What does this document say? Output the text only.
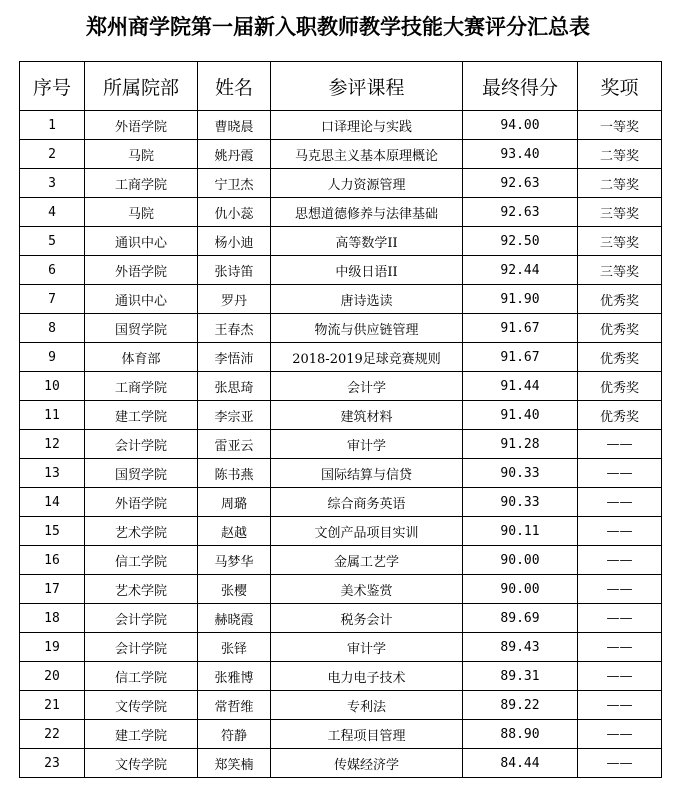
郑州商学院第一届新入职教师教学技能大赛评分汇总表
序号	所属院部	姓名	参评课程	最终得分	奖项
1	外语学院	曹晓晨	口译理论与实践	94.00	一等奖
2	马院	姚丹霞	马克思主义基本原理概论	93.40	二等奖
3	工商学院	宁卫杰	人力资源管理	92.63	二等奖
4	马院	仇小蕊	思想道德修养与法律基础	92.63	三等奖
5	通识中心	杨小迪	高等数学II	92.50	三等奖
6	外语学院	张诗笛	中级日语II	92.44	三等奖
7	通识中心	罗丹	唐诗选读	91.90	优秀奖
8	国贸学院	王春杰	物流与供应链管理	91.67	优秀奖
9	体育部	李悟沛	2018-2019足球竞赛规则	91.67	优秀奖
10	工商学院	张思琦	会计学	91.44	优秀奖
11	建工学院	李宗亚	建筑材料	91.40	优秀奖
12	会计学院	雷亚云	审计学	91.28	——
13	国贸学院	陈书燕	国际结算与信贷	90.33	——
14	外语学院	周璐	综合商务英语	90.33	——
15	艺术学院	赵越	文创产品项目实训	90.11	——
16	信工学院	马梦华	金属工艺学	90.00	——
17	艺术学院	张樱	美术鉴赏	90.00	——
18	会计学院	赫晓霞	税务会计	89.69	——
19	会计学院	张铎	审计学	89.43	——
20	信工学院	张雅博	电力电子技术	89.31	——
21	文传学院	常哲维	专利法	89.22	——
22	建工学院	符静	工程项目管理	88.90	——
23	文传学院	郑笑楠	传媒经济学	84.44	——
